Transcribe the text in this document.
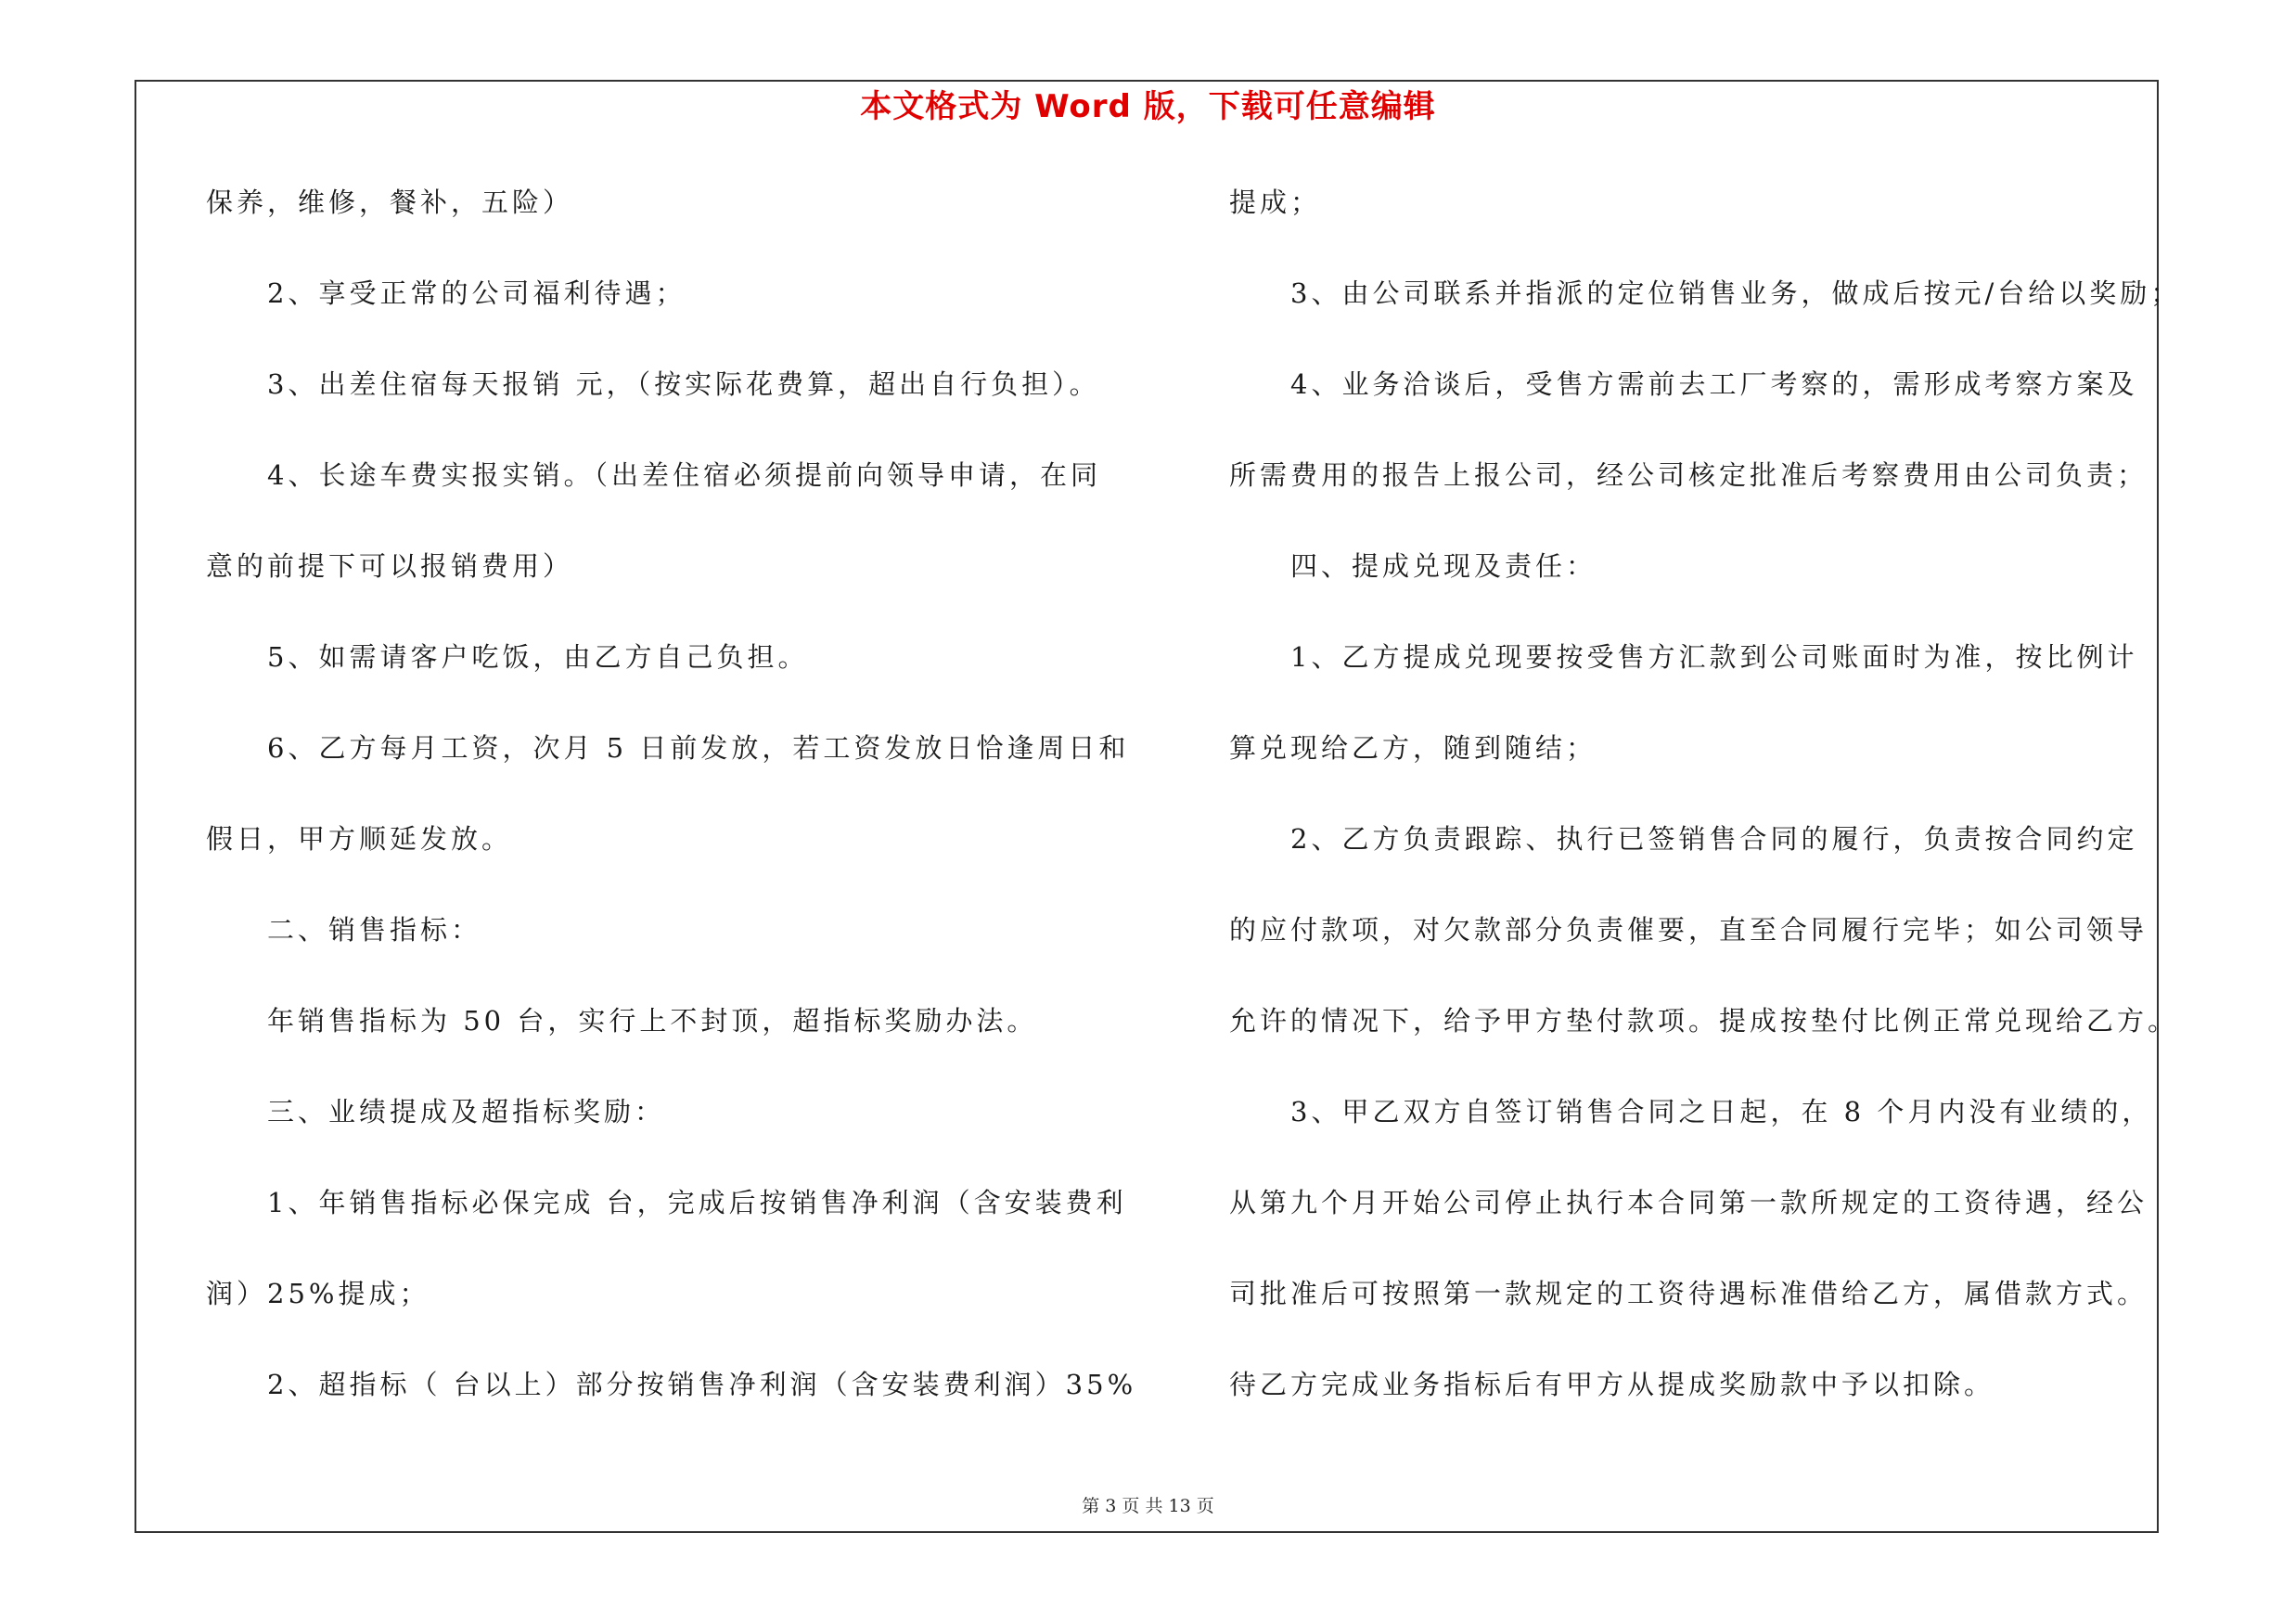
本文格式为 Word 版，下载可任意编辑
保养，维修，餐补，五险）
2、享受正常的公司福利待遇；
3、出差住宿每天报销 元，（按实际花费算，超出自行负担）。
4、长途车费实报实销。（出差住宿必须提前向领导申请，在同
意的前提下可以报销费用）
5、如需请客户吃饭，由乙方自己负担。
6、乙方每月工资，次月 5 日前发放，若工资发放日恰逢周日和
假日，甲方顺延发放。
二、销售指标：
年销售指标为 50 台，实行上不封顶，超指标奖励办法。
三、业绩提成及超指标奖励：
1、年销售指标必保完成 台，完成后按销售净利润（含安装费利
润）25%提成；
2、超指标（ 台以上）部分按销售净利润（含安装费利润）35%
提成；
3、由公司联系并指派的定位销售业务，做成后按元/台给以奖励；
4、业务洽谈后，受售方需前去工厂考察的，需形成考察方案及
所需费用的报告上报公司，经公司核定批准后考察费用由公司负责；
四、提成兑现及责任：
1、乙方提成兑现要按受售方汇款到公司账面时为准，按比例计
算兑现给乙方，随到随结；
2、乙方负责跟踪、执行已签销售合同的履行，负责按合同约定
的应付款项，对欠款部分负责催要，直至合同履行完毕；如公司领导
允许的情况下，给予甲方垫付款项。提成按垫付比例正常兑现给乙方。
3、甲乙双方自签订销售合同之日起，在 8 个月内没有业绩的，
从第九个月开始公司停止执行本合同第一款所规定的工资待遇，经公
司批准后可按照第一款规定的工资待遇标准借给乙方，属借款方式。
待乙方完成业务指标后有甲方从提成奖励款中予以扣除。
第 3 页 共 13 页
